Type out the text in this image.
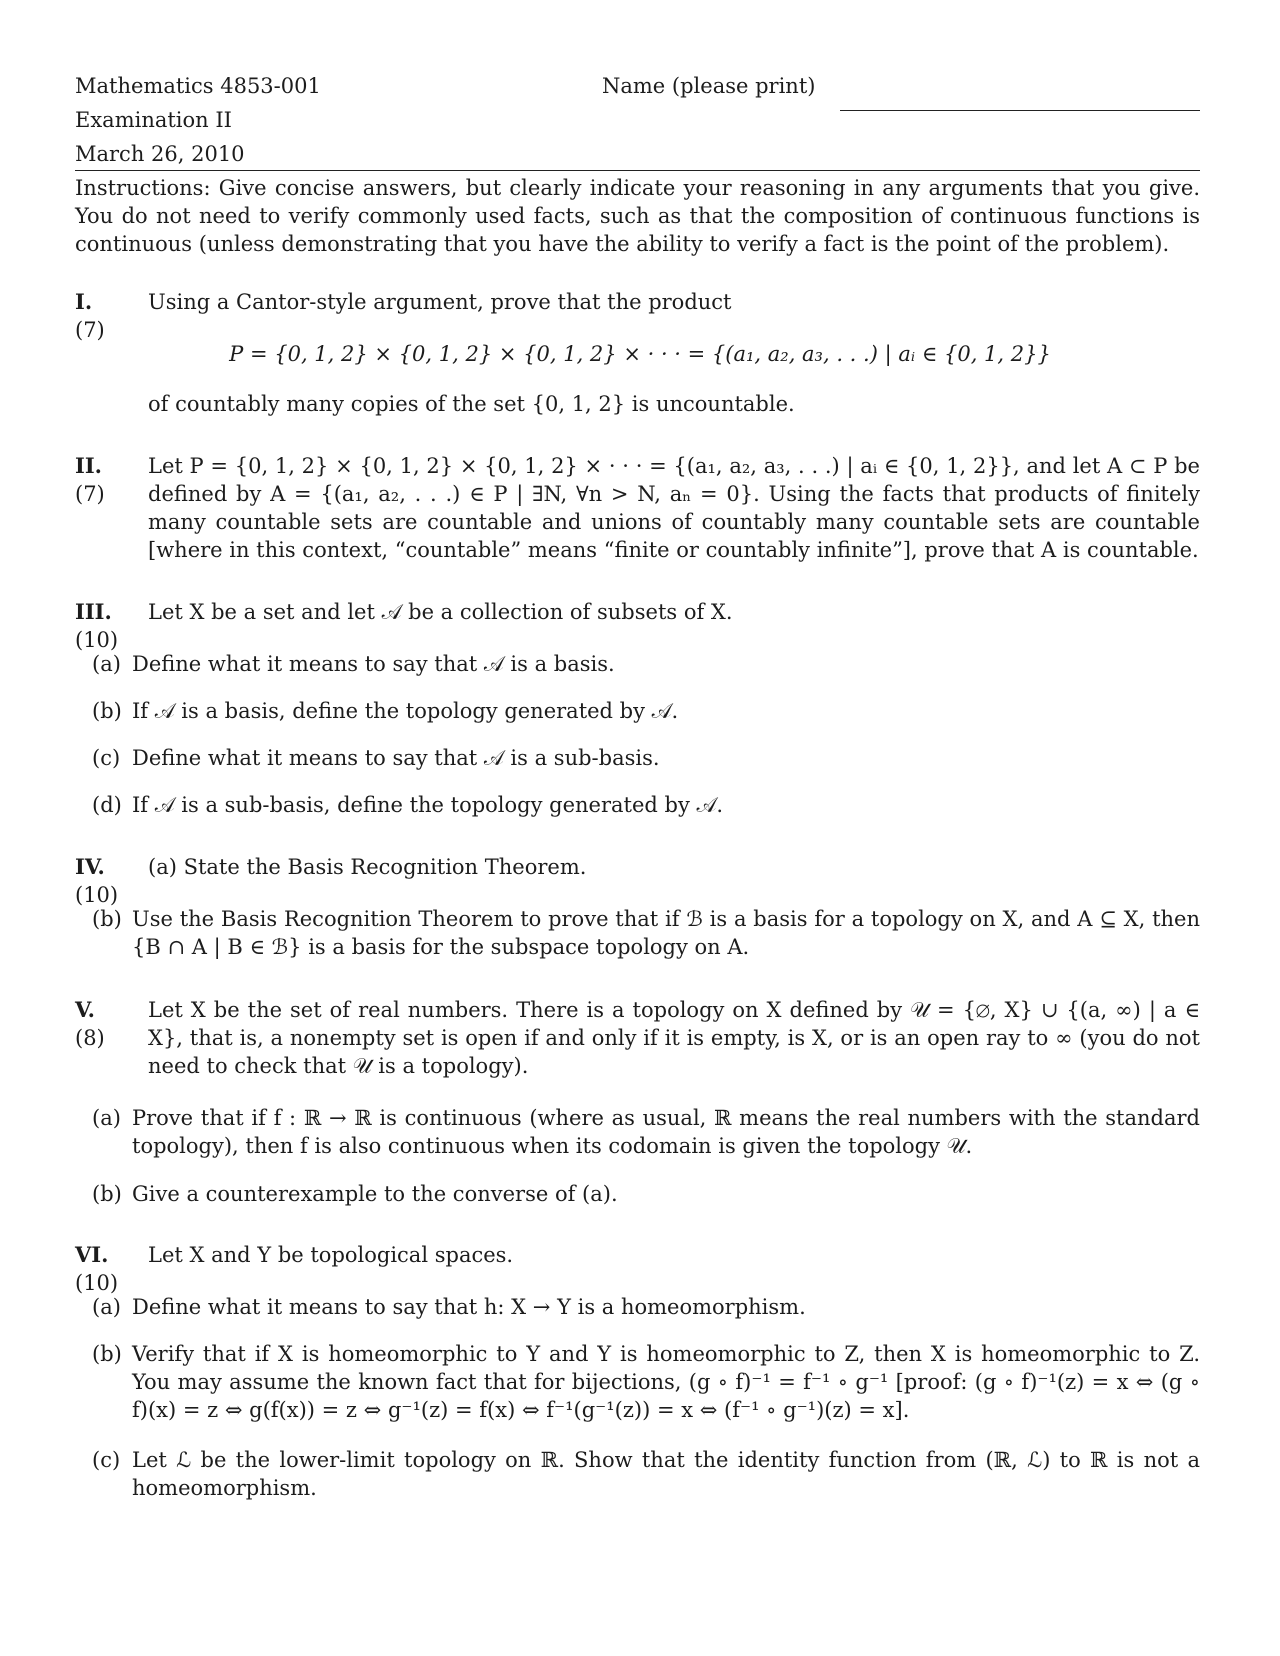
Mathematics 4853-001	Name (please print)
Examination II
March 26, 2010
Instructions: Give concise answers, but clearly indicate your reasoning in any arguments that you give. You do not need to verify commonly used facts, such as that the composition of continuous functions is continuous (unless demonstrating that you have the ability to verify a fact is the point of the problem).
I.
(7)
Using a Cantor-style argument, prove that the product
P = {0, 1, 2} × {0, 1, 2} × {0, 1, 2} × · · · = {(a₁, a₂, a₃, . . .) | aᵢ ∈ {0, 1, 2}}
of countably many copies of the set {0, 1, 2} is uncountable.
II.
(7)
Let P = {0, 1, 2} × {0, 1, 2} × {0, 1, 2} × · · · = {(a₁, a₂, a₃, . . .) | aᵢ ∈ {0, 1, 2}}, and let A ⊂ P be defined by A = {(a₁, a₂, . . .) ∈ P | ∃N, ∀n > N, aₙ = 0}. Using the facts that products of finitely many countable sets are countable and unions of countably many countable sets are countable [where in this context, “countable” means “finite or countably infinite”], prove that A is countable.
III.
(10)
Let X be a set and let 𝒜 be a collection of subsets of X.
(a) Define what it means to say that 𝒜 is a basis.
(b) If 𝒜 is a basis, define the topology generated by 𝒜.
(c) Define what it means to say that 𝒜 is a sub-basis.
(d) If 𝒜 is a sub-basis, define the topology generated by 𝒜.
IV.
(10)
(a) State the Basis Recognition Theorem.
(b) Use the Basis Recognition Theorem to prove that if ℬ is a basis for a topology on X, and A ⊆ X, then {B ∩ A | B ∈ ℬ} is a basis for the subspace topology on A.
V.
(8)
Let X be the set of real numbers. There is a topology on X defined by 𝒰 = {∅, X} ∪ {(a, ∞) | a ∈ X}, that is, a nonempty set is open if and only if it is empty, is X, or is an open ray to ∞ (you do not need to check that 𝒰 is a topology).
(a) Prove that if f : ℝ → ℝ is continuous (where as usual, ℝ means the real numbers with the standard topology), then f is also continuous when its codomain is given the topology 𝒰.
(b) Give a counterexample to the converse of (a).
VI.
(10)
Let X and Y be topological spaces.
(a) Define what it means to say that h: X → Y is a homeomorphism.
(b) Verify that if X is homeomorphic to Y and Y is homeomorphic to Z, then X is homeomorphic to Z. You may assume the known fact that for bijections, (g ∘ f)⁻¹ = f⁻¹ ∘ g⁻¹ [proof: (g ∘ f)⁻¹(z) = x ⇔ (g ∘ f)(x) = z ⇔ g(f(x)) = z ⇔ g⁻¹(z) = f(x) ⇔ f⁻¹(g⁻¹(z)) = x ⇔ (f⁻¹ ∘ g⁻¹)(z) = x].
(c) Let ℒ be the lower-limit topology on ℝ. Show that the identity function from (ℝ, ℒ) to ℝ is not a homeomorphism.
